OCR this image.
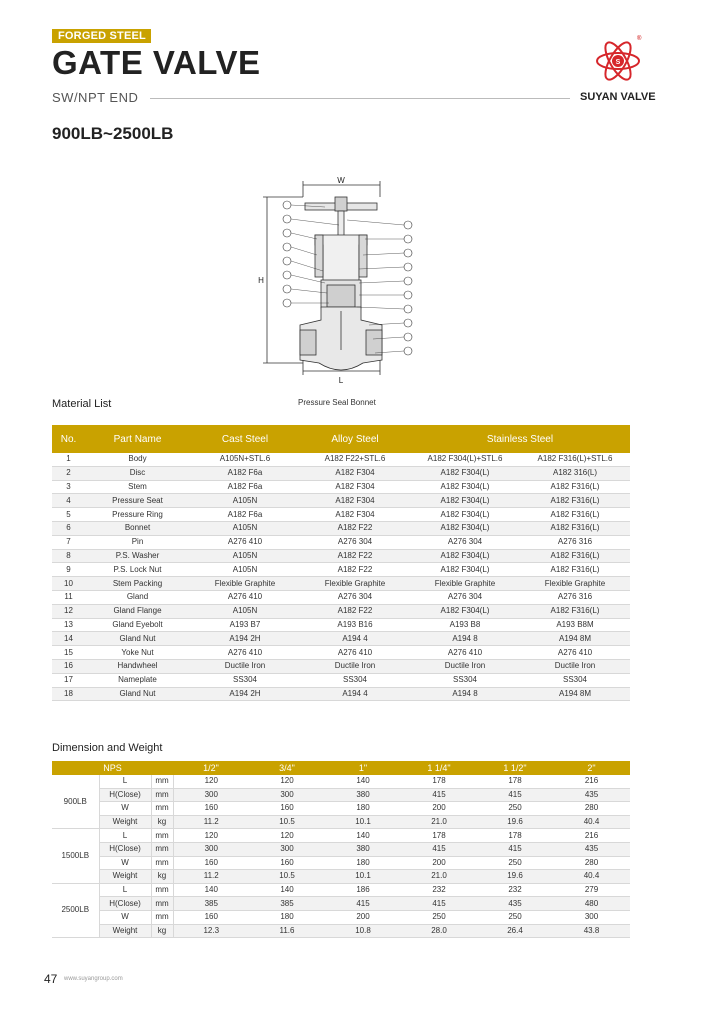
FORGED STEEL
GATE VALVE
SW/NPT END
S
®
SUYAN VALVE
900LB~2500LB
W
H
L
Pressure Seal Bonnet
Material List
No.	Part Name	Cast Steel	Alloy Steel	Stainless Steel	
1	Body	A105N+STL.6	A182 F22+STL.6	A182 F304(L)+STL.6	A182 F316(L)+STL.6
2	Disc	A182 F6a	A182 F304	A182 F304(L)	A182 316(L)
3	Stem	A182 F6a	A182 F304	A182 F304(L)	A182 F316(L)
4	Pressure Seat	A105N	A182 F304	A182 F304(L)	A182 F316(L)
5	Pressure Ring	A182 F6a	A182 F304	A182 F304(L)	A182 F316(L)
6	Bonnet	A105N	A182 F22	A182 F304(L)	A182 F316(L)
7	Pin	A276 410	A276 304	A276 304	A276 316
8	P.S. Washer	A105N	A182 F22	A182 F304(L)	A182 F316(L)
9	P.S. Lock Nut	A105N	A182 F22	A182 F304(L)	A182 F316(L)
10	Stem Packing	Flexible Graphite	Flexible Graphite	Flexible Graphite	Flexible Graphite
11	Gland	A276 410	A276 304	A276 304	A276 316
12	Gland Flange	A105N	A182 F22	A182 F304(L)	A182 F316(L)
13	Gland Eyebolt	A193 B7	A193 B16	A193 B8	A193 B8M
14	Gland Nut	A194 2H	A194 4	A194 8	A194 8M
15	Yoke Nut	A276 410	A276 410	A276 410	A276 410
16	Handwheel	Ductile Iron	Ductile Iron	Ductile Iron	Ductile Iron
17	Nameplate	SS304	SS304	SS304	SS304
18	Gland Nut	A194 2H	A194 4	A194 8	A194 8M
Dimension and Weight
NPS			1/2"	3/4"	1"	1 1/4"	1 1/2"	2"
900LB	L	mm	120	120	140	178	178	216
	H(Close)	mm	300	300	380	415	415	435
	W	mm	160	160	180	200	250	280
	Weight	kg	11.2	10.5	10.1	21.0	19.6	40.4
1500LB	L	mm	120	120	140	178	178	216
	H(Close)	mm	300	300	380	415	415	435
	W	mm	160	160	180	200	250	280
	Weight	kg	11.2	10.5	10.1	21.0	19.6	40.4
2500LB	L	mm	140	140	186	232	232	279
	H(Close)	mm	385	385	415	415	435	480
	W	mm	160	180	200	250	250	300
	Weight	kg	12.3	11.6	10.8	28.0	26.4	43.8
47 www.suyangroup.com
